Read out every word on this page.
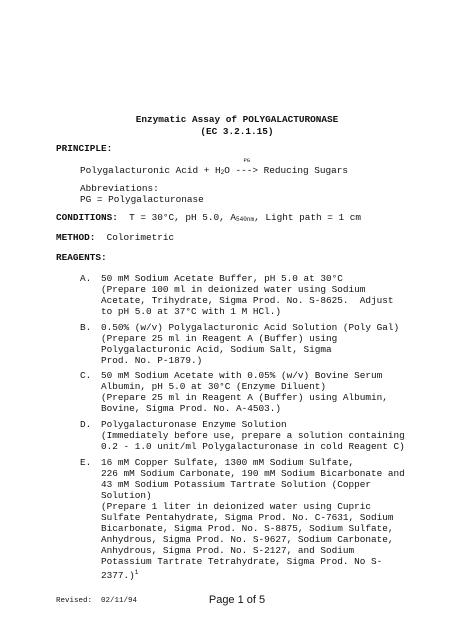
Enzymatic Assay of POLYGALACTURONASE
(EC 3.2.1.15)
PRINCIPLE:
Polygalacturonic Acid + H2O
PG
---> Reducing Sugars
Abbreviations:
PG = Polygalacturonase
CONDITIONS:  T = 30°C, pH 5.0, A540nm, Light path = 1 cm
METHOD:  Colorimetric
REAGENTS:
A. 50 mM Sodium Acetate Buffer, pH 5.0 at 30°C
(Prepare 100 ml in deionized water using Sodium
Acetate, Trihydrate, Sigma Prod. No. S-8625.  Adjust
to pH 5.0 at 37°C with 1 M HCl.)
B. 0.50% (w/v) Polygalacturonic Acid Solution (Poly Gal)
(Prepare 25 ml in Reagent A (Buffer) using
Polygalacturonic Acid, Sodium Salt, Sigma
Prod. No. P-1879.)
C. 50 mM Sodium Acetate with 0.05% (w/v) Bovine Serum
Albumin, pH 5.0 at 30°C (Enzyme Diluent)
(Prepare 25 ml in Reagent A (Buffer) using Albumin,
Bovine, Sigma Prod. No. A-4503.)
D. Polygalacturonase Enzyme Solution
(Immediately before use, prepare a solution containing
0.2 - 1.0 unit/ml Polygalacturonase in cold Reagent C)
E. 16 mM Copper Sulfate, 1300 mM Sodium Sulfate,
226 mM Sodium Carbonate, 190 mM Sodium Bicarbonate and
43 mM Sodium Potassium Tartrate Solution (Copper
Solution)
(Prepare 1 liter in deionized water using Cupric
Sulfate Pentahydrate, Sigma Prod. No. C-7631, Sodium
Bicarbonate, Sigma Prod. No. S-8875, Sodium Sulfate,
Anhydrous, Sigma Prod. No. S-9627, Sodium Carbonate,
Anhydrous, Sigma Prod. No. S-2127, and Sodium
Potassium Tartrate Tetrahydrate, Sigma Prod. No S-
2377.)$^1$
Revised:  02/11/94	Page 1 of 5
